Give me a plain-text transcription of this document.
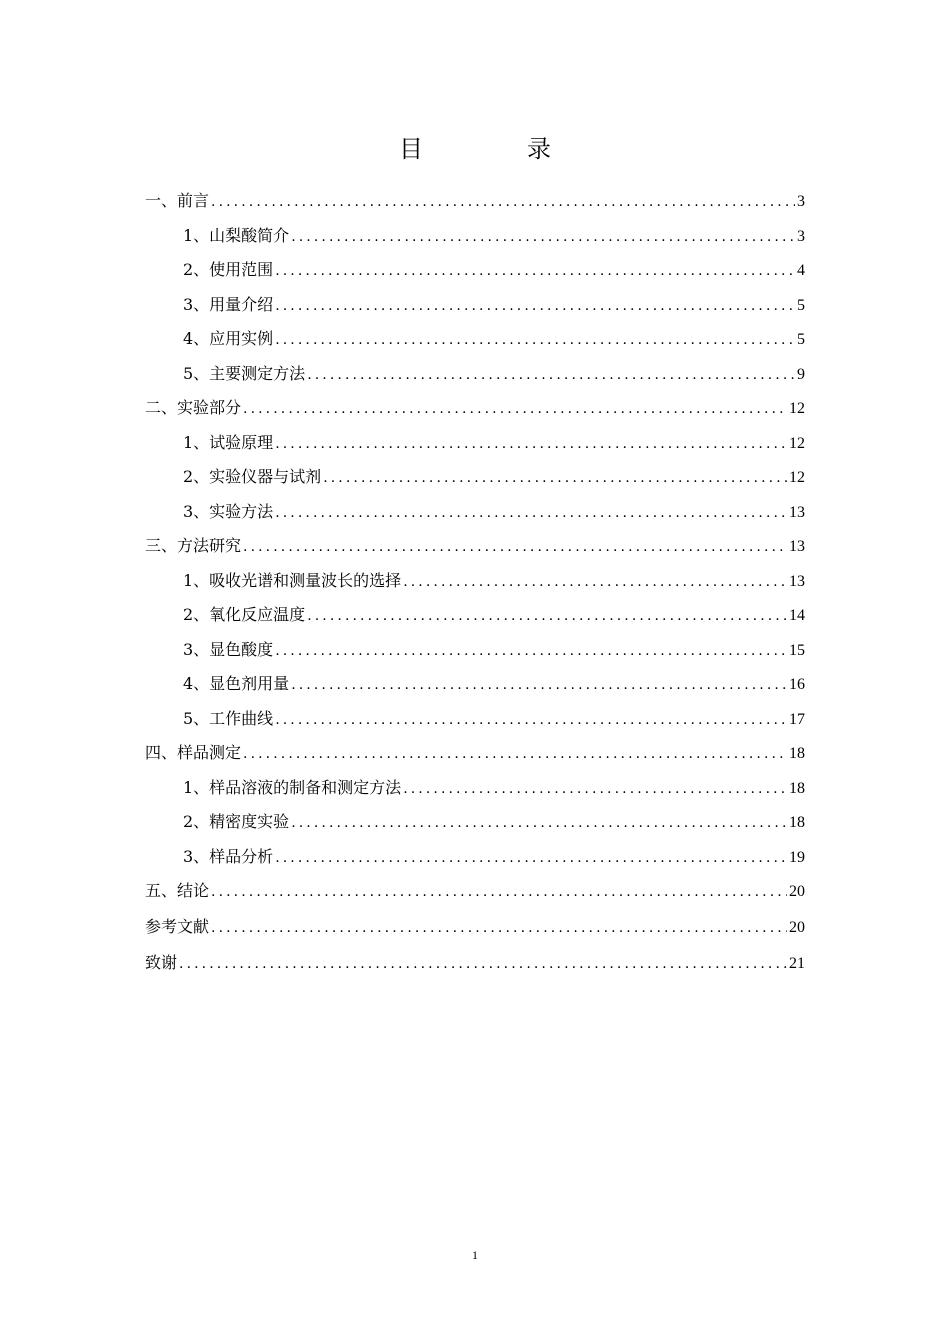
目　录
一、前言 .....	3
1、山梨酸简介 .....	3
2、使用范围 .....	4
3、用量介绍 .....	5
4、应用实例 .....	5
5、主要测定方法 .....	9
二、实验部分 .....	12
1、试验原理 .....	12
2、实验仪器与试剂 .....	12
3、实验方法 .....	13
三、方法研究 .....	13
1、吸收光谱和测量波长的选择 .....	13
2、氧化反应温度 .....	14
3、显色酸度 .....	15
4、显色剂用量 .....	16
5、工作曲线 .....	17
四、样品测定 .....	18
1、样品溶液的制备和测定方法 .....	18
2、精密度实验 .....	18
3、样品分析 .....	19
五、结论 .....	20
参考文献 .....	20
致谢 .....	21
1
